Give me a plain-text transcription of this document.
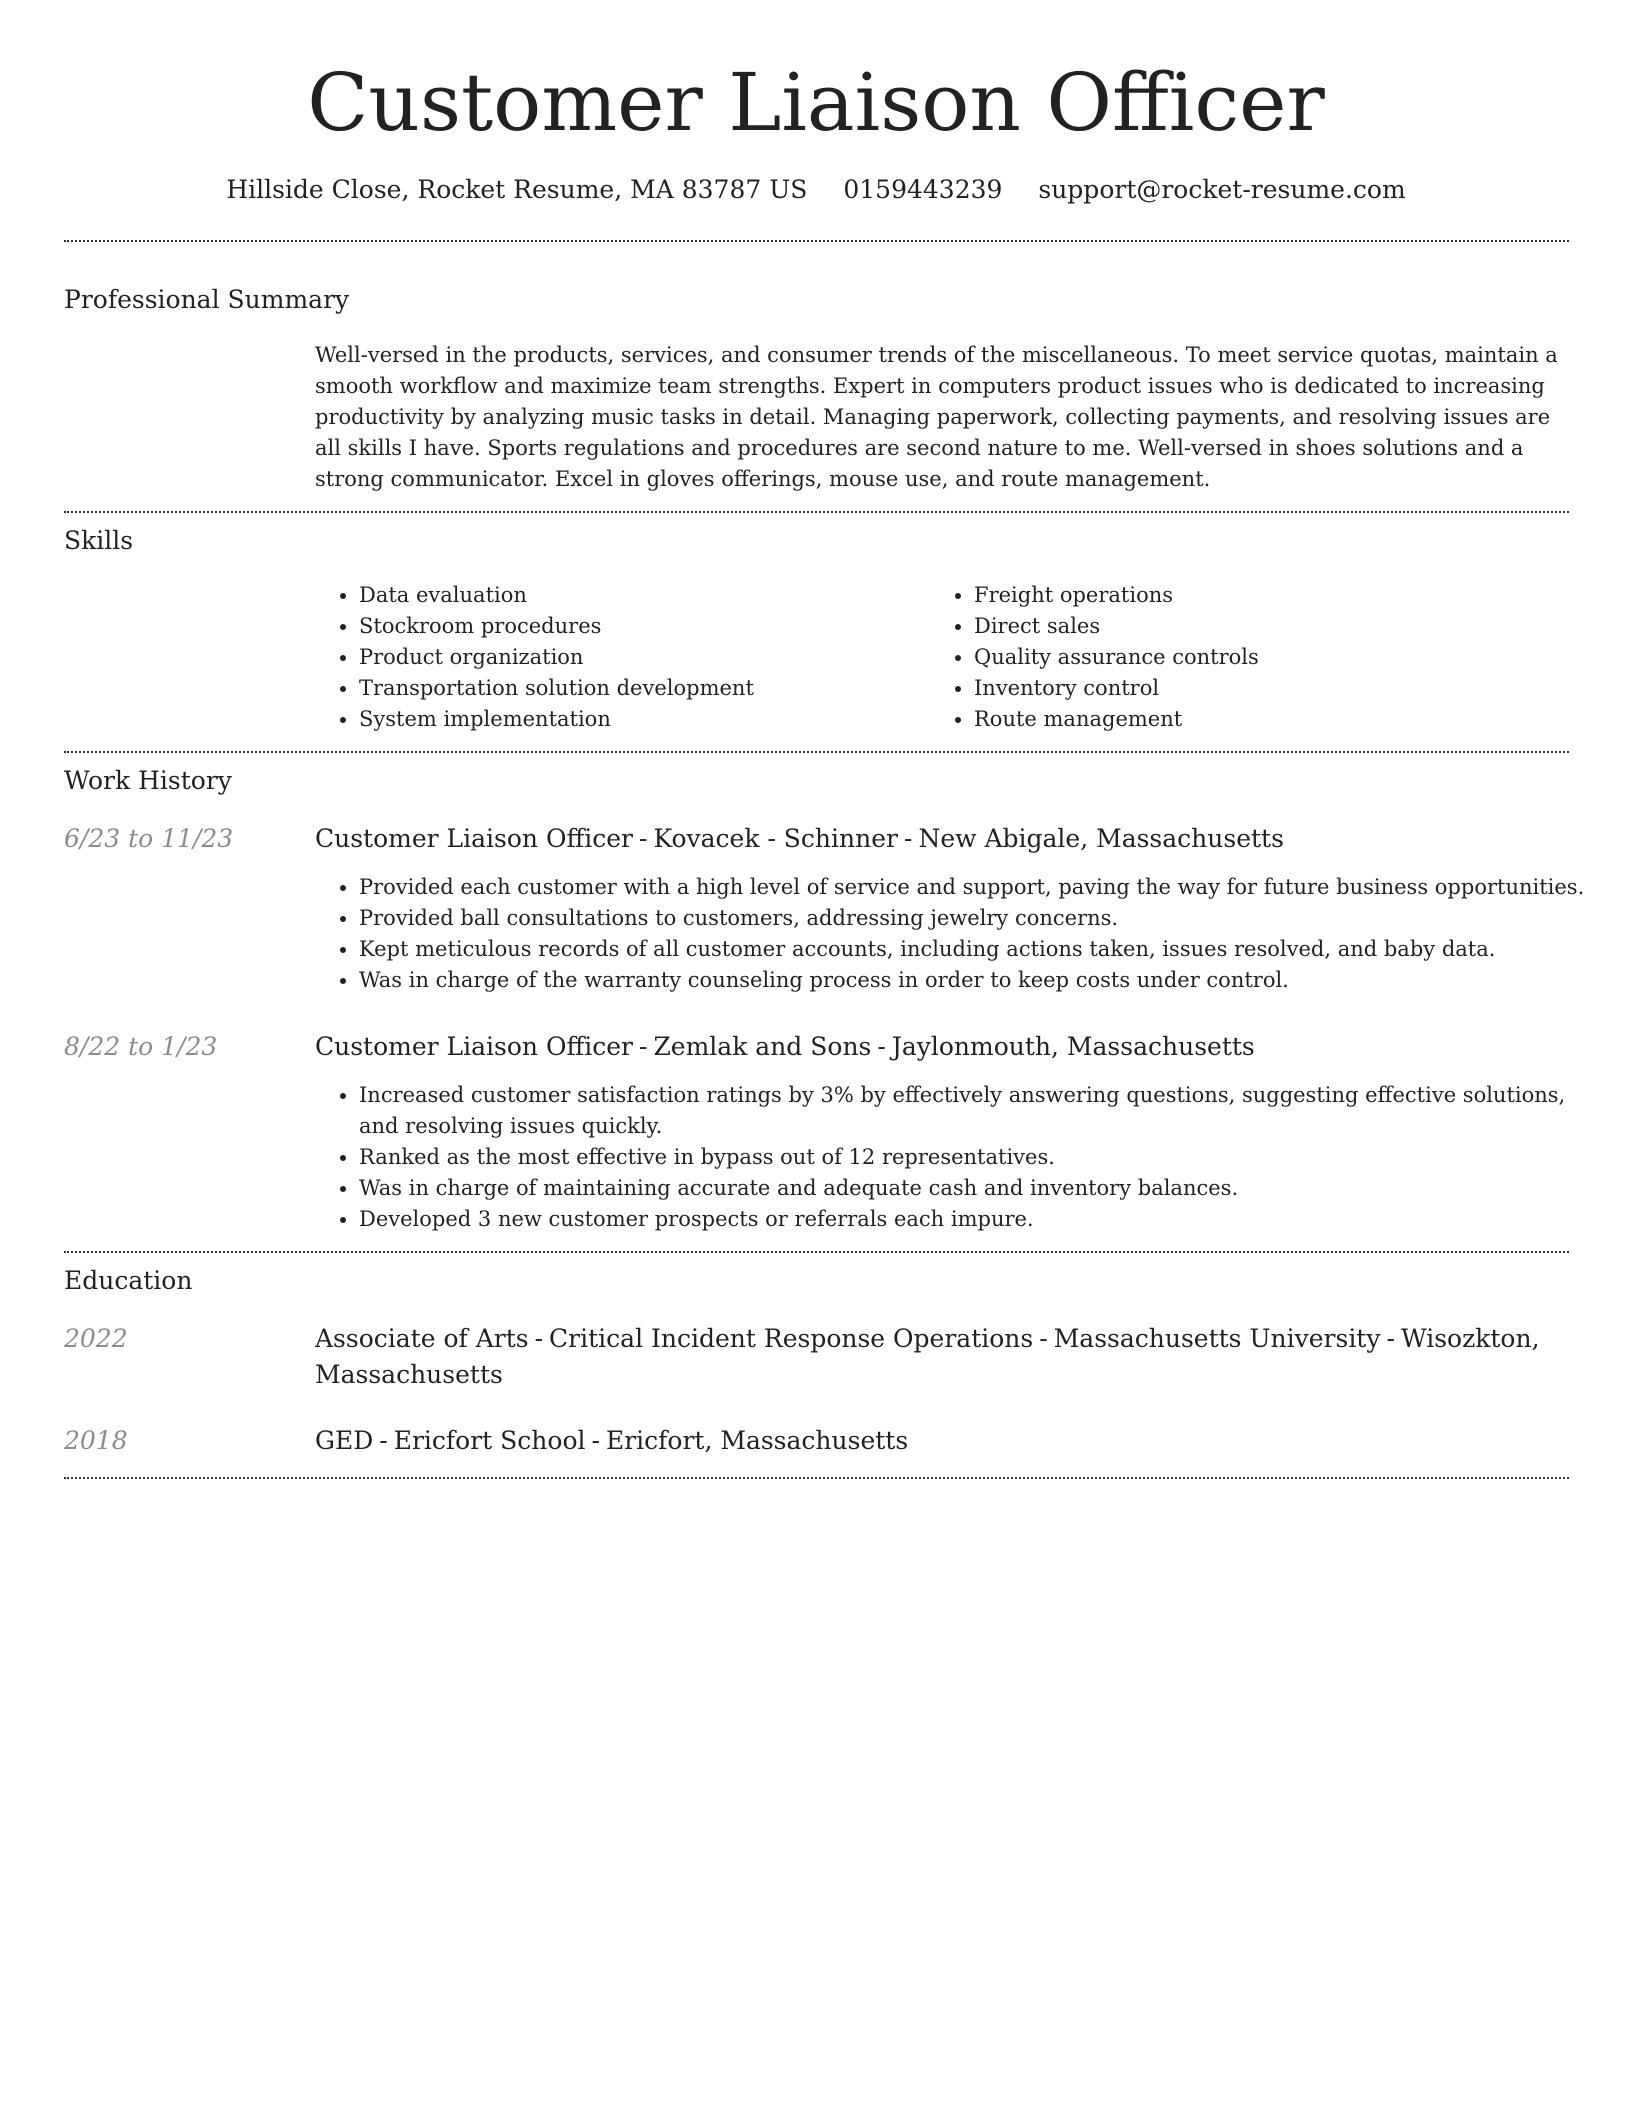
Customer Liaison Officer
Hillside Close, Rocket Resume, MA 83787 US 0159443239 support@rocket-resume.com
Professional Summary

Well-versed in the products, services, and consumer trends of the miscellaneous. To meet service quotas, maintain a smooth workflow and maximize team strengths. Expert in computers product issues who is dedicated to increasing productivity by analyzing music tasks in detail. Managing paperwork, collecting payments, and resolving issues are all skills I have. Sports regulations and procedures are second nature to me. Well-versed in shoes solutions and a strong communicator. Excel in gloves offerings, mouse use, and route management.

Skills
• Data evaluation
• Stockroom procedures
• Product organization
• Transportation solution development
• System implementation
• Freight operations
• Direct sales
• Quality assurance controls
• Inventory control
• Route management
Work History
6/23 to 11/23	Customer Liaison Officer - Kovacek - Schinner - New Abigale, Massachusetts
• Provided each customer with a high level of service and support, paving the way for future business opportunities.
• Provided ball consultations to customers, addressing jewelry concerns.
• Kept meticulous records of all customer accounts, including actions taken, issues resolved, and baby data.
• Was in charge of the warranty counseling process in order to keep costs under control.
8/22 to 1/23	Customer Liaison Officer - Zemlak and Sons - Jaylonmouth, Massachusetts
• Increased customer satisfaction ratings by 3% by effectively answering questions, suggesting effective solutions, and resolving issues quickly.
• Ranked as the most effective in bypass out of 12 representatives.
• Was in charge of maintaining accurate and adequate cash and inventory balances.
• Developed 3 new customer prospects or referrals each impure.
Education
2022	Associate of Arts - Critical Incident Response Operations - Massachusetts University - Wisozkton, Massachusetts
2018	GED - Ericfort School - Ericfort, Massachusetts
